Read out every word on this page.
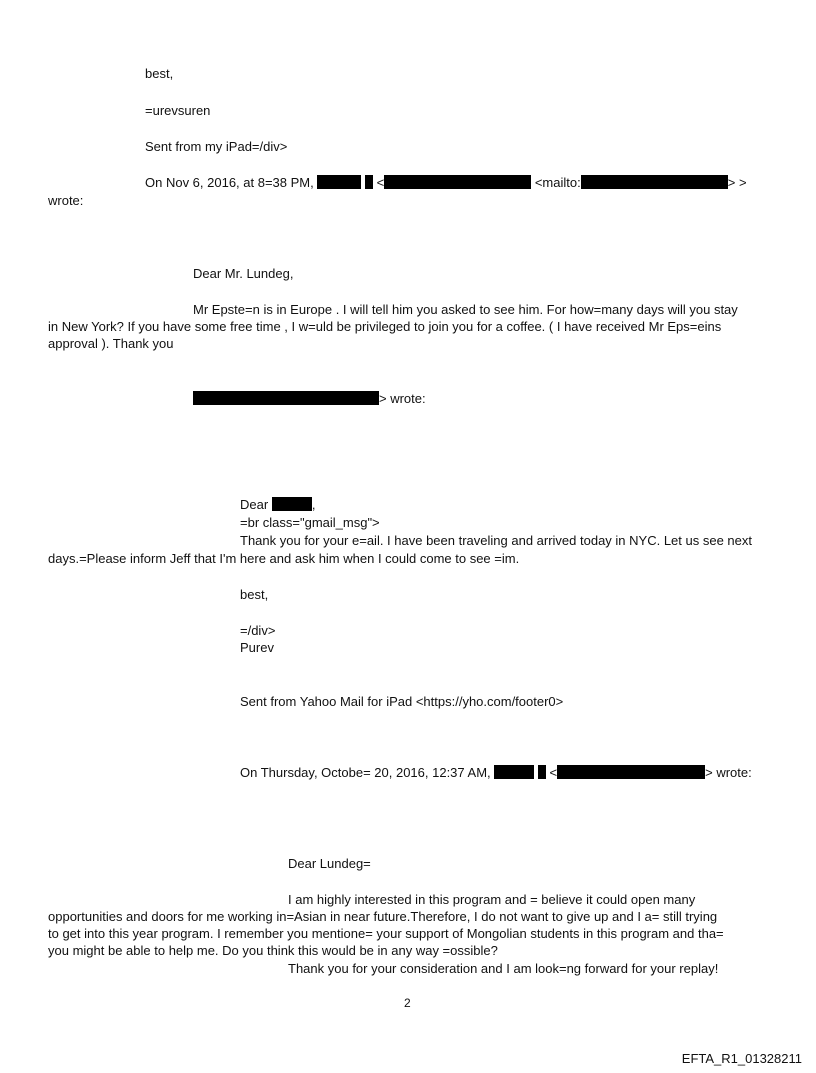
best,
=urevsuren
Sent from my iPad=/div>
On Nov 6, 2016, at 8=38 PM,	<	<mailto:	> >
wrote:
Dear Mr. Lundeg,
Mr Epste=n is in Europe . I will tell him you asked to see him. For how=many days will you stay
in New York? If you have some free time , I w=uld be privileged to join you for a coffee. ( I have received Mr Eps=eins
approval ). Thank you
> wrote:
Dear	,
=br class="gmail_msg">
Thank you for your e=ail. I have been traveling and arrived today in NYC. Let us see next
days.=Please inform Jeff that I'm here and ask him when I could come to see =im.
best,
=/div>
Purev
Sent from Yahoo Mail for iPad <https://yho.com/footer0>
On Thursday, Octobe= 20, 2016, 12:37 AM,	<	> wrote:
Dear Lundeg=
I am highly interested in this program and = believe it could open many
opportunities and doors for me working in=Asian in near future.Therefore, I do not want to give up and I a= still trying
to get into this year program. I remember you mentione= your support of Mongolian students in this program and tha=
you might be able to help me. Do you think this would be in any way =ossible?
Thank you for your consideration and I am look=ng forward for your replay!
2
EFTA_R1_01328211
